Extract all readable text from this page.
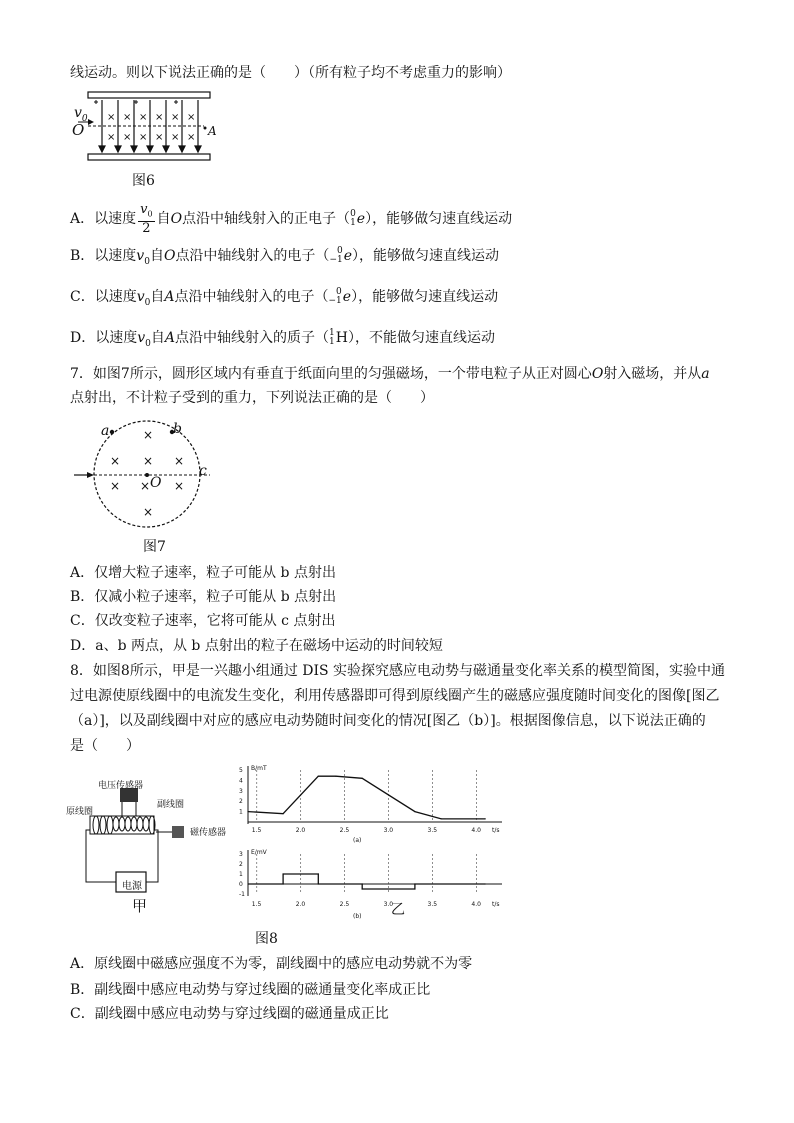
线运动。则以下说法正确的是（　　）（所有粒子均不考虑重力的影响）
× × × × × ×
× × × × × ×
$v_0$
O	A
图6
A．以速度 $\frac{v_0}{2}$ 自O点沿中轴线射入的正电子（ 0
1 e），能够做匀速直线运动
B．以速度$v_0$自O点沿中轴线射入的电子（ 0
−1 e），能够做匀速直线运动
C．以速度$v_0$自A点沿中轴线射入的电子（ 0
−1 e），能够做匀速直线运动
D．以速度$v_0$自A点沿中轴线射入的质子（ 1
1 H），不能做匀速直线运动
7．如图7所示，圆形区域内有垂直于纸面向里的匀强磁场，一个带电粒子从正对圆心O射入磁场，并从a
点射出，不计粒子受到的重力，下列说法正确的是（　　）
×
× × ×
× × ×
×
a	b
c
O
图7
A．仅增大粒子速率，粒子可能从 b 点射出
B．仅减小粒子速率，粒子可能从 b 点射出
C．仅改变粒子速率，它将可能从 c 点射出
D．a、b 两点，从 b 点射出的粒子在磁场中运动的时间较短
8．如图8所示，甲是一兴趣小组通过 DIS 实验探究感应电动势与磁通量变化率关系的模型简图，实验中通
过电源使原线圈中的电流发生变化，利用传感器即可得到原线圈产生的磁感应强度随时间变化的图像[图乙
（a）]，以及副线圈中对应的感应电动势随时间变化的情况[图乙（b）]。根据图像信息，以下说法正确的
是（　　）
电压传感器
原线圈
副线圈
磁传感器
电源
甲
B/mT
5
4
3
2
1
1.5	2.0	2.5	3.0	3.5	4.0 t/s
(a)
E/mV
3
2
1
0
-1
1.5	2.0	2.5	3.0	3.5	4.0 t/s
(b) 乙
图8
A．原线圈中磁感应强度不为零，副线圈中的感应电动势就不为零
B．副线圈中感应电动势与穿过线圈的磁通量变化率成正比
C．副线圈中感应电动势与穿过线圈的磁通量成正比
